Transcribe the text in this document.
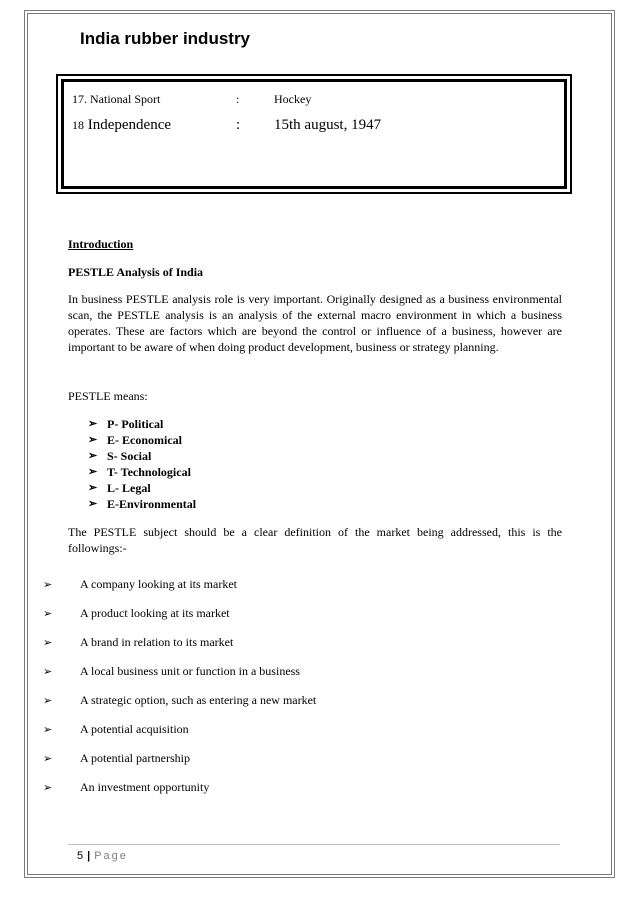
India rubber industry
17. National Sport	:	Hockey
18 Independence	: 15th august, 1947
Introduction
PESTLE Analysis of India
In business PESTLE analysis role is very important. Originally designed as a business environmental scan, the PESTLE analysis is an analysis of the external macro environment in which a business operates. These are factors which are beyond the control or influence of a business, however are important to be aware of when doing product development, business or strategy planning.
PESTLE means:
➢ P- Political
➢ E- Economical
➢ S- Social
➢ T- Technological
➢ L- Legal
➢ E-Environmental
The PESTLE subject should be a clear definition of the market being addressed, this is the followings:-
➢	A company looking at its market
➢	A product looking at its market
➢	A brand in relation to its market
➢	A local business unit or function in a business
➢	A strategic option, such as entering a new market
➢	A potential acquisition
➢	A potential partnership
➢	An investment opportunity
5 | Page
